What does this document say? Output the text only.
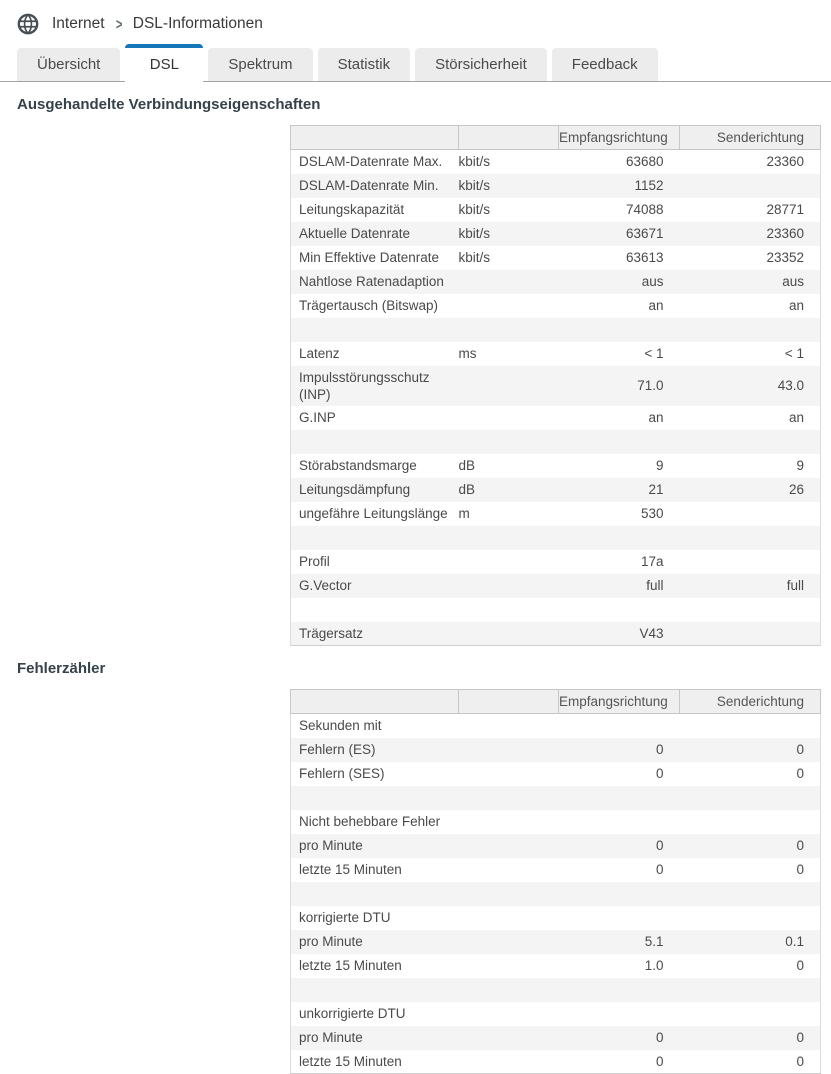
Internet > DSL-Informationen
Übersicht	DSL	Spektrum	Statistik	Störsicherheit	Feedback
Ausgehandelte Verbindungseigenschaften
		Empfangsrichtung	Senderichtung
DSLAM-Datenrate Max.	kbit/s	63680	23360
DSLAM-Datenrate Min.	kbit/s	1152	
Leitungskapazität	kbit/s	74088	28771
Aktuelle Datenrate	kbit/s	63671	23360
Min Effektive Datenrate	kbit/s	63613	23352
Nahtlose Ratenadaption		aus	aus
Trägertausch (Bitswap)		an	an

Latenz	ms	< 1	< 1
Impulsstörungsschutz (INP)		71.0	43.0
G.INP		an	an

Störabstandsmarge	dB	9	9
Leitungsdämpfung	dB	21	26
ungefähre Leitungslänge	m	530	

Profil		17a	
G.Vector		full	full

Trägersatz		V43	
Fehlerzähler
		Empfangsrichtung	Senderichtung
Sekunden mit			
Fehlern (ES)		0	0
Fehlern (SES)		0	0

Nicht behebbare Fehler			
pro Minute		0	0
letzte 15 Minuten		0	0

korrigierte DTU			
pro Minute		5.1	0.1
letzte 15 Minuten		1.0	0

unkorrigierte DTU			
pro Minute		0	0
letzte 15 Minuten		0	0
